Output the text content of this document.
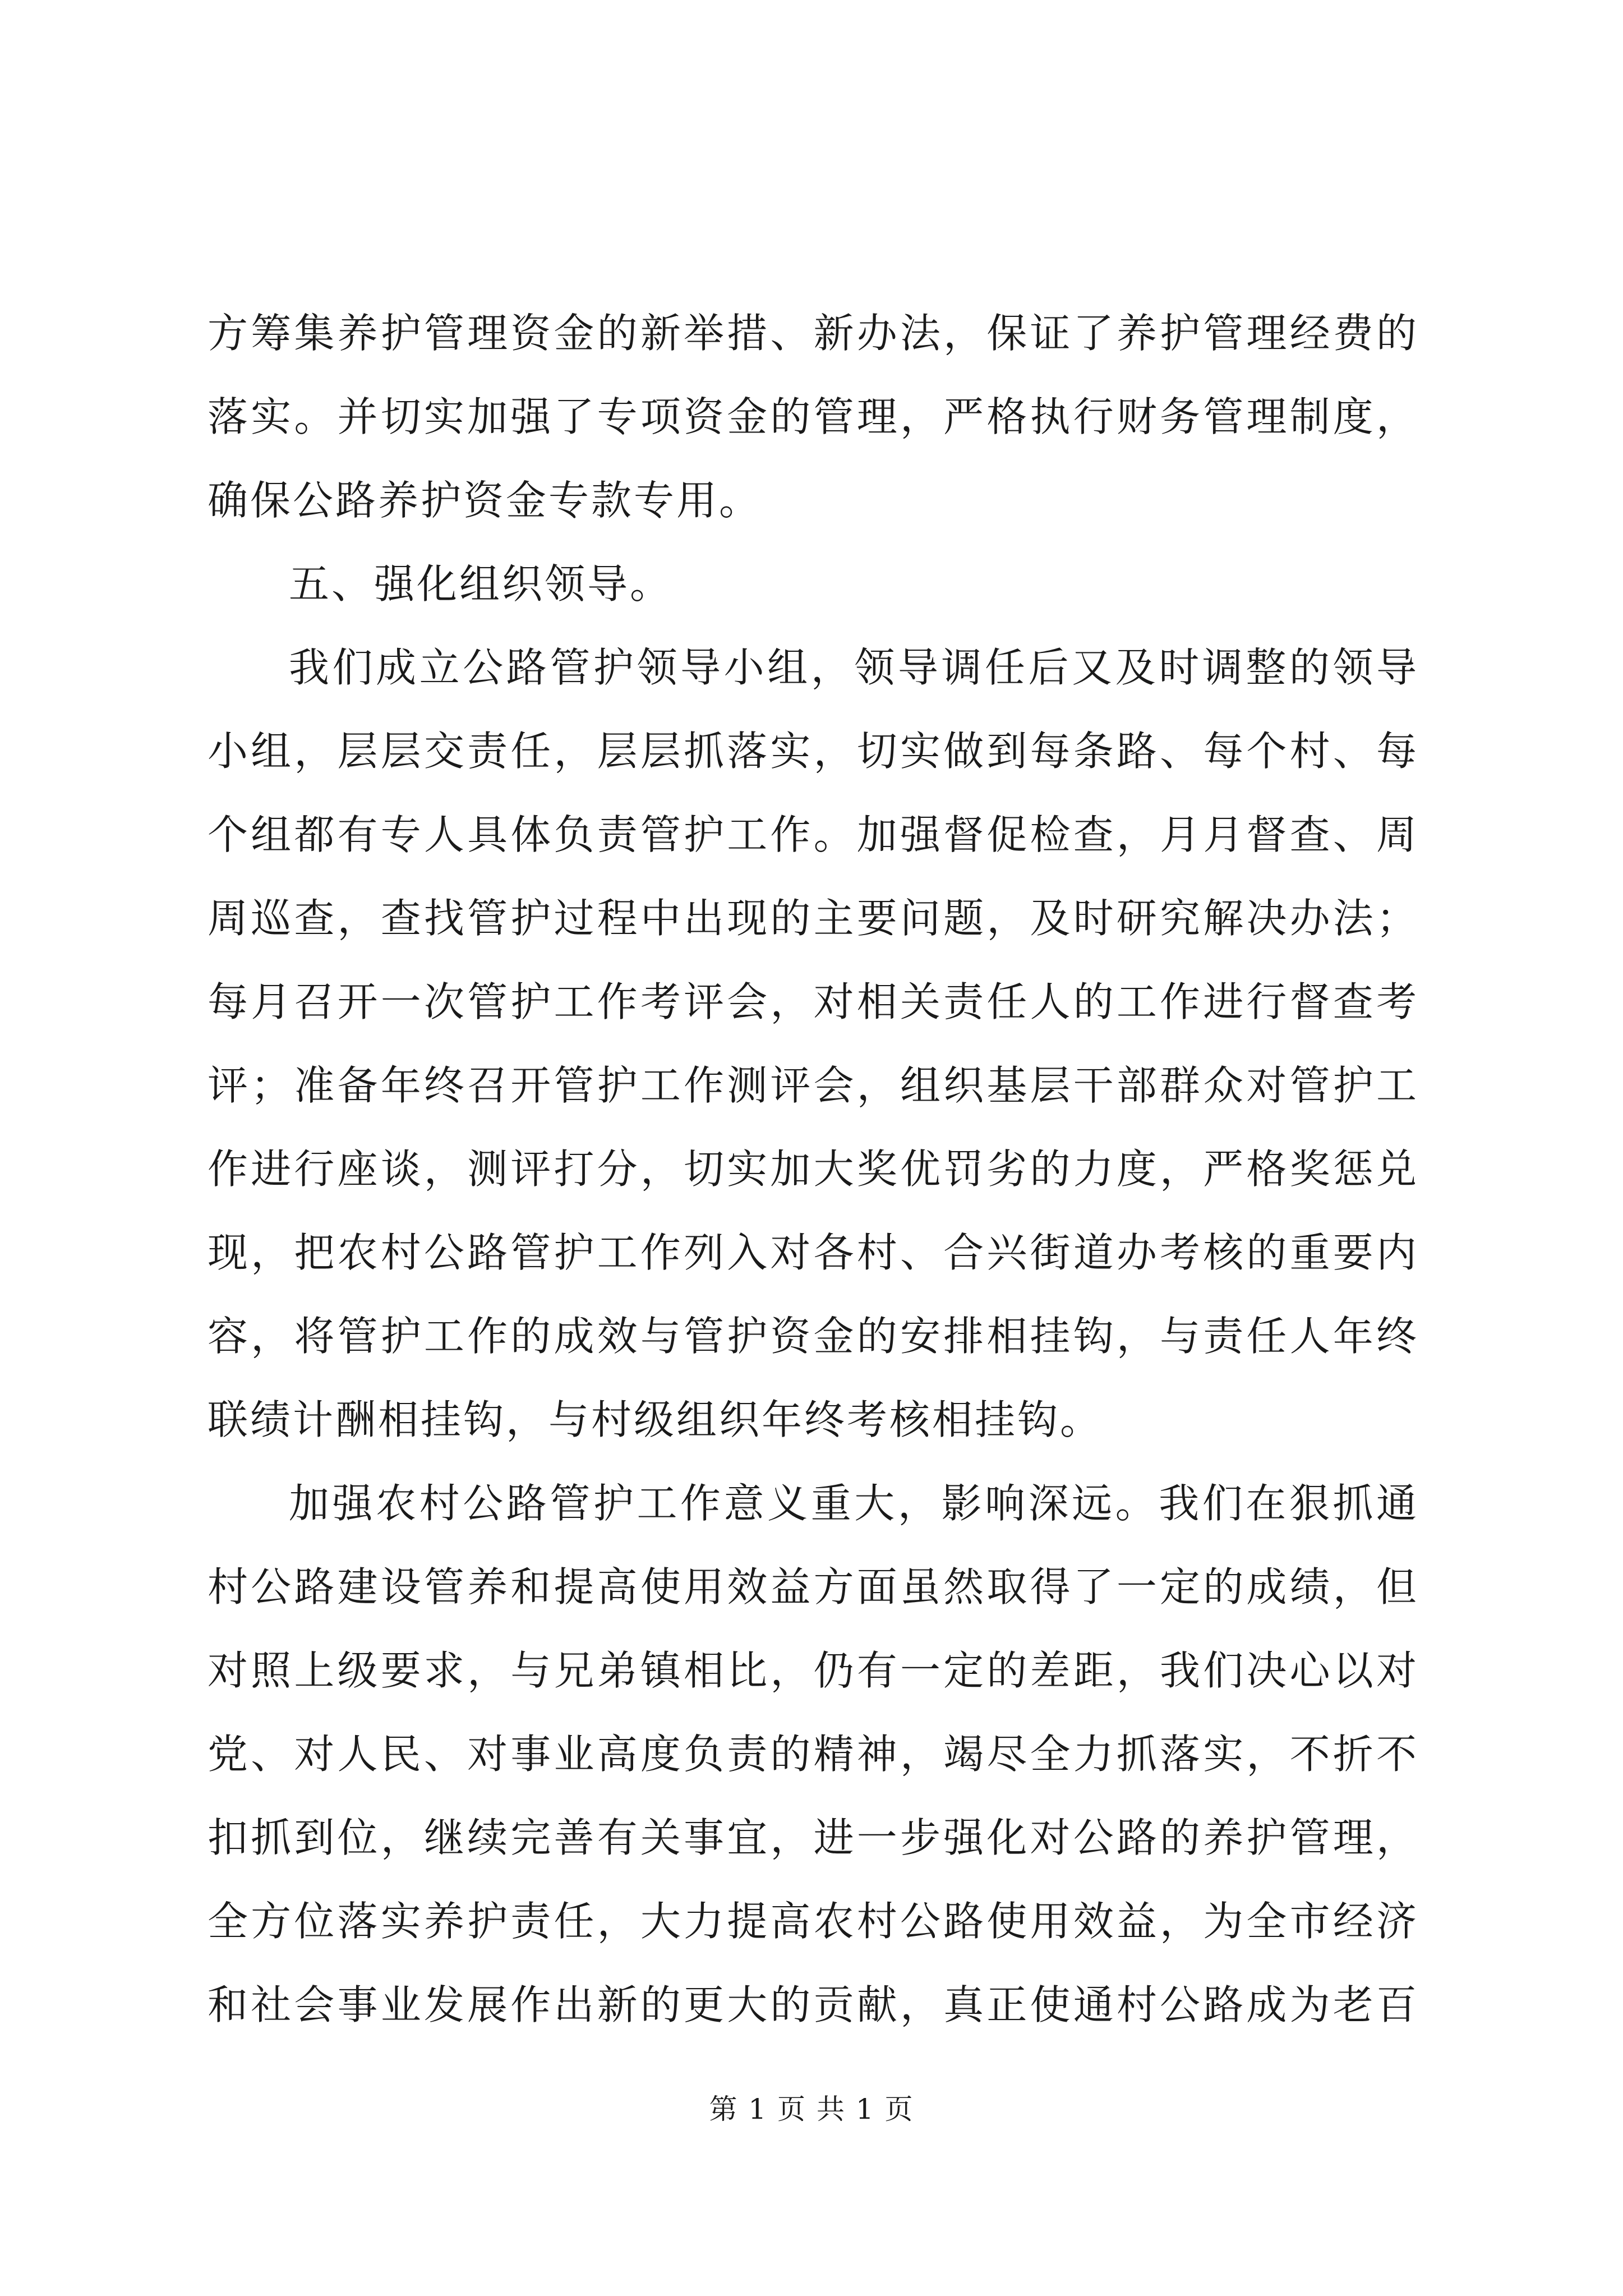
方筹集养护管理资金的新举措、新办法，保证了养护管理经费的
落实。并切实加强了专项资金的管理，严格执行财务管理制度，
确保公路养护资金专款专用。
五、强化组织领导。
我们成立公路管护领导小组，领导调任后又及时调整的领导
小组，层层交责任，层层抓落实，切实做到每条路、每个村、每
个组都有专人具体负责管护工作。加强督促检查，月月督查、周
周巡查，查找管护过程中出现的主要问题，及时研究解决办法；
每月召开一次管护工作考评会，对相关责任人的工作进行督查考
评；准备年终召开管护工作测评会，组织基层干部群众对管护工
作进行座谈，测评打分，切实加大奖优罚劣的力度，严格奖惩兑
现，把农村公路管护工作列入对各村、合兴街道办考核的重要内
容，将管护工作的成效与管护资金的安排相挂钩，与责任人年终
联绩计酬相挂钩，与村级组织年终考核相挂钩。
加强农村公路管护工作意义重大，影响深远。我们在狠抓通
村公路建设管养和提高使用效益方面虽然取得了一定的成绩，但
对照上级要求，与兄弟镇相比，仍有一定的差距，我们决心以对
党、对人民、对事业高度负责的精神，竭尽全力抓落实，不折不
扣抓到位，继续完善有关事宜，进一步强化对公路的养护管理，
全方位落实养护责任，大力提高农村公路使用效益，为全市经济
和社会事业发展作出新的更大的贡献，真正使通村公路成为老百
第 1 页 共 1 页
